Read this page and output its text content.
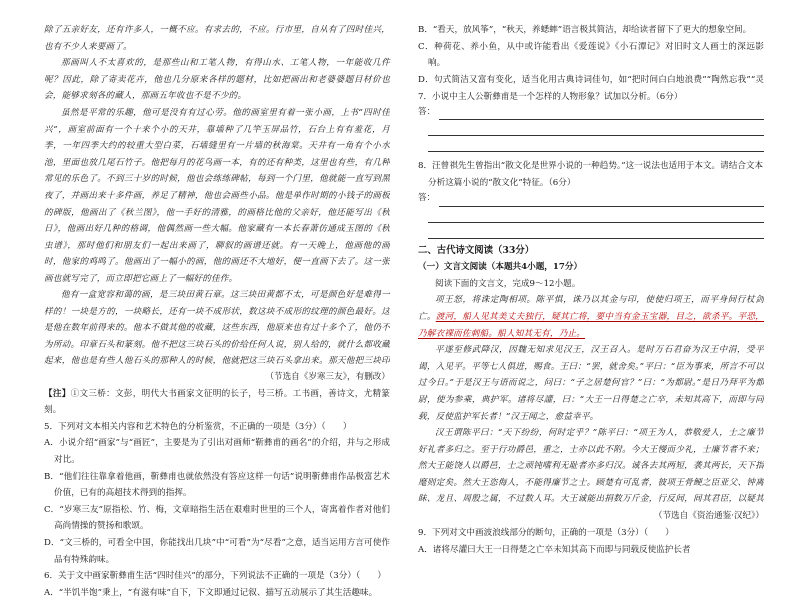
除了五亲好友，还有许多人，一概不应。有求去的，不应。行市里，自从有了四时佳兴，也有不少人来要画了。

那画叫人不太喜欢的，是那些山和工笔人物，有得山水、工笔人物，一年能收几件呢？因此，除了寄卖花卉，他也几分原来各样的题材，比如把画出和老婆婆题目材价也会，能够求刻各的藏人，那画五年收也不是不少的。

虽然是平常的乐趣，他可是没有有过心劳。他的画室里有着一张小画，上书“四时佳兴”，画室前面有一个十来个小的天井，靠墙种了几竿玉屏品竹，石台上有有羞花，月季，一年四季大约的较重大型白菜，石墙缝里有一片墙的秋海棠。天井有一角有个小水池，里面也放几尾石竹子。他把每月的花鸟画一本，有的还有种类，这里也有些，有几种常见的乐色了。不到三十岁的时候，他也会练练碑帖，每到一个门里，他就能一直写到黑夜了，并画出来十多件画，养足了精神，他也会画些小品。他是单作时期的小钱子的画板的碑版，他画出了《秋兰图》，他一手好的清雅，的画格比他的父亲好，他还能写出《秋日》，他画出好几种的格调，他偶然画一些大幅。他家藏有一本长春萧仿通成玉图的《秋虫谱》，那时他们和朋友们一起出来画了，聊叙的画谱还就。有一天晚上，他画他的画时，他家的鸡鸣了。他画出了一幅小的画，他的画还不大地好，便一直画下去了。这一张画也就写完了，而立即把它画上了一幅好的佳作。

他有一盒宽容和蔼的画，是三块田黄石章。这三块田黄都不太，可是颜色好是难得一样的！一块是方的，一块略长，还有一块不成形状，数这块不成形的纹理的颜色最好。这是他在数年前得来的。他本不做其他的收藏，这些东西，他原来也有过十多个了，他仍不为所动。印章石头和篆刻。他不把这三块石头的价给任何人说，别人给的，就什么都收藏起来，他也是有些人他石头的那种人的时候，他就把这三块石头拿出来。那天他把三块印

（节选自《岁寒三友》，有删改）

【注】①文三桥：文彭，明代大书画家文征明的长子，号三桥。工书画，善诗文，尤精篆刻。

5．下列对文本相关内容和艺术特色的分析鉴赏，不正确的一项是（3分）（　　）

A．小说介绍“画家”与“画匠”，主要是为了引出对画师“靳彝甫的画名”的介绍，并与之形成对比。

B．“他们往往靠拿着他画，靳彝甫也就依然没有答应这样一句话”说明靳彝甫作品极富艺术价值，已有的高超技术得到的指挥。

C．“岁寒三友”原指松、竹、梅，文章暗指生活在艰难时世里的三个人，寄寓着作者对他们高尚情操的赞扬和歌颂。

D．“文三桥的，可看全中国，你能找出几块”中“可看”为“尽看”之意，适当运用方言可使作品有特殊韵味。

6．关于文中画家靳彝甫生活“四时佳兴”的部分，下列说法不正确的一项是（3分）（　　）

A．“半饥半饱”秉上，“有滋有味”自下，下文即通过记叙、描写五动展示了其生活趣味。

B．“看天，放风筝”，“秋天，养蟋蟀”语言极其简洁，却给读者留下了更大的想象空间。

C．种荷花、养小鱼，从中或许能看出《爱莲说》《小石潭记》对旧时文人画士的深远影响。

D．句式简洁又富有变化，适当化用古典诗词佳句，如“把时间白白地浪费”“陶然忘我”“灵

7．小说中主人公靳彝甫是一个怎样的人物形象？试加以分析。（6分）

答：

8．汪曾祺先生曾指出“散文化是世界小说的一种趋势。”这一说法也适用于本文。请结合文本

分析这篇小说的“散文化”特征。（6分）

答：

二、古代诗文阅读（33分）

（一）文言文阅读（本题共4小题，17分）

阅读下面的文言文，完成9～12小题。

项王怒，将诛定陶相项。陈平惧，诛乃以其金与印，使使归项王，而平身间行杖剑亡。渡河，船人见其美丈夫独行，疑其亡将，要中当有金玉宝器，目之，欲杀平。平恐，乃解衣裸而佐刺船。船人知其无有，乃止。

平遂至修武降汉，因魏无知求见汉王，汉王召入。是时万石君奋为汉王中涓，受平谒，入见平。平等七人俱进，赐食。王曰：“罢，就舍矣。”平曰：“臣为事来，所言不可以过今日。”于是汉王与语而说之，问曰：“子之居楚何官？”曰：“为都尉。”是日乃拜平为都尉，使为参乘，典护军。诸将尽讙，曰：“大王一日得楚之亡卒，未知其高下，而即与同载，反使监护军长者！”汉王闻之，愈益幸平。

汉王谓陈平曰：“天下纷纷，何时定乎？”陈平曰：“项王为人，恭敬爱人，士之廉节好礼者多归之。至于行功爵邑，重之，士亦以此不附。今大王慢而少礼，士廉节者不来；然大王能饶人以爵邑，士之顽钝嗜利无耻者亦多归汉。诚各去其两短，袭其两长，天下指麾则定矣。然大王恣侮人，不能得廉节之士。顾楚有可乱者，彼项王骨鲠之臣亚父、钟离眛、龙且、周殷之属，不过数人耳。大王诚能出捐数万斤金，行反间，间其君臣，以疑其

（节选自《资治通鉴·汉纪》）

9．下列对文中画波浪线部分的断句，正确的一项是（3分）（　　）

A．诸将尽讙曰大王一日得楚之亡卒未知其高下而即与同载反使监护长者
